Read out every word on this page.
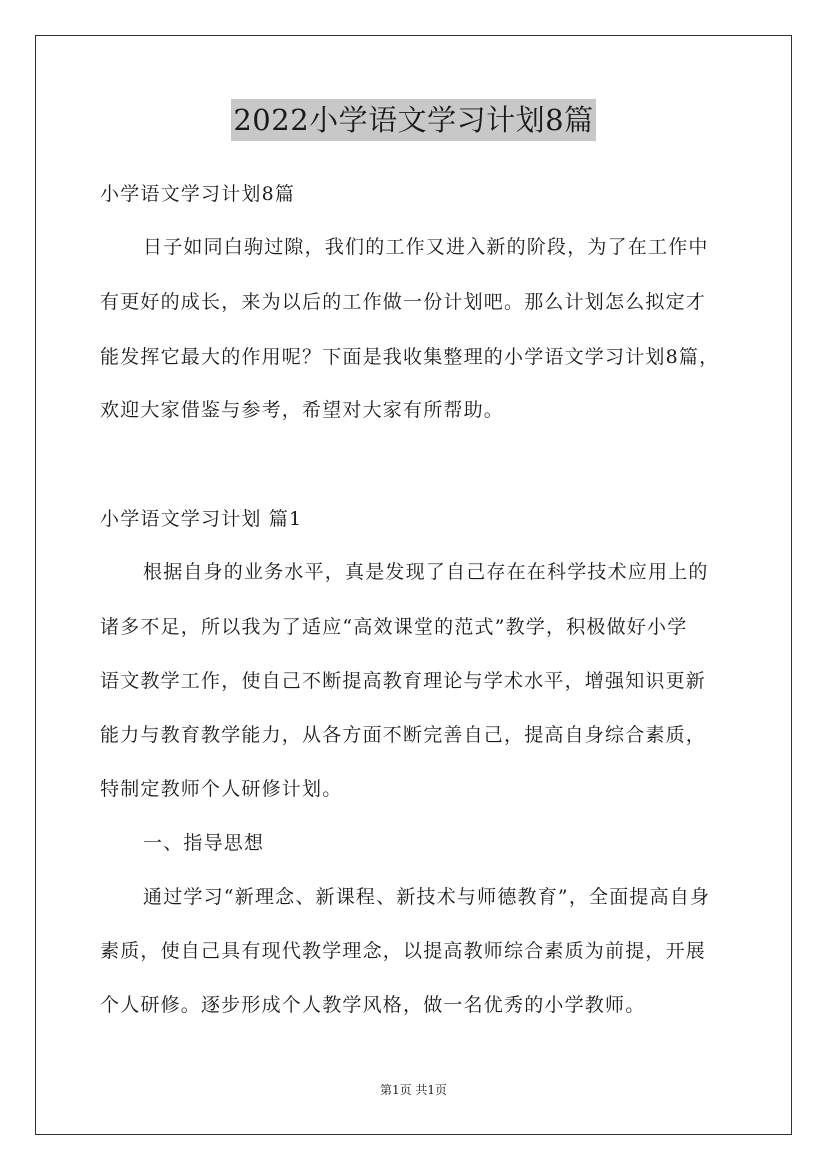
2022小学语文学习计划8篇
小学语文学习计划8篇
日子如同白驹过隙，我们的工作又进入新的阶段，为了在工作中
有更好的成长，来为以后的工作做一份计划吧。那么计划怎么拟定才
能发挥它最大的作用呢？下面是我收集整理的小学语文学习计划8篇，
欢迎大家借鉴与参考，希望对大家有所帮助。
小学语文学习计划 篇1
根据自身的业务水平，真是发现了自己存在在科学技术应用上的
诸多不足，所以我为了适应“高效课堂的范式”教学，积极做好小学
语文教学工作，使自己不断提高教育理论与学术水平，增强知识更新
能力与教育教学能力，从各方面不断完善自己，提高自身综合素质，
特制定教师个人研修计划。
一、指导思想
通过学习“新理念、新课程、新技术与师德教育”，全面提高自身
素质，使自己具有现代教学理念，以提高教师综合素质为前提，开展
个人研修。逐步形成个人教学风格，做一名优秀的小学教师。
第1页 共1页
